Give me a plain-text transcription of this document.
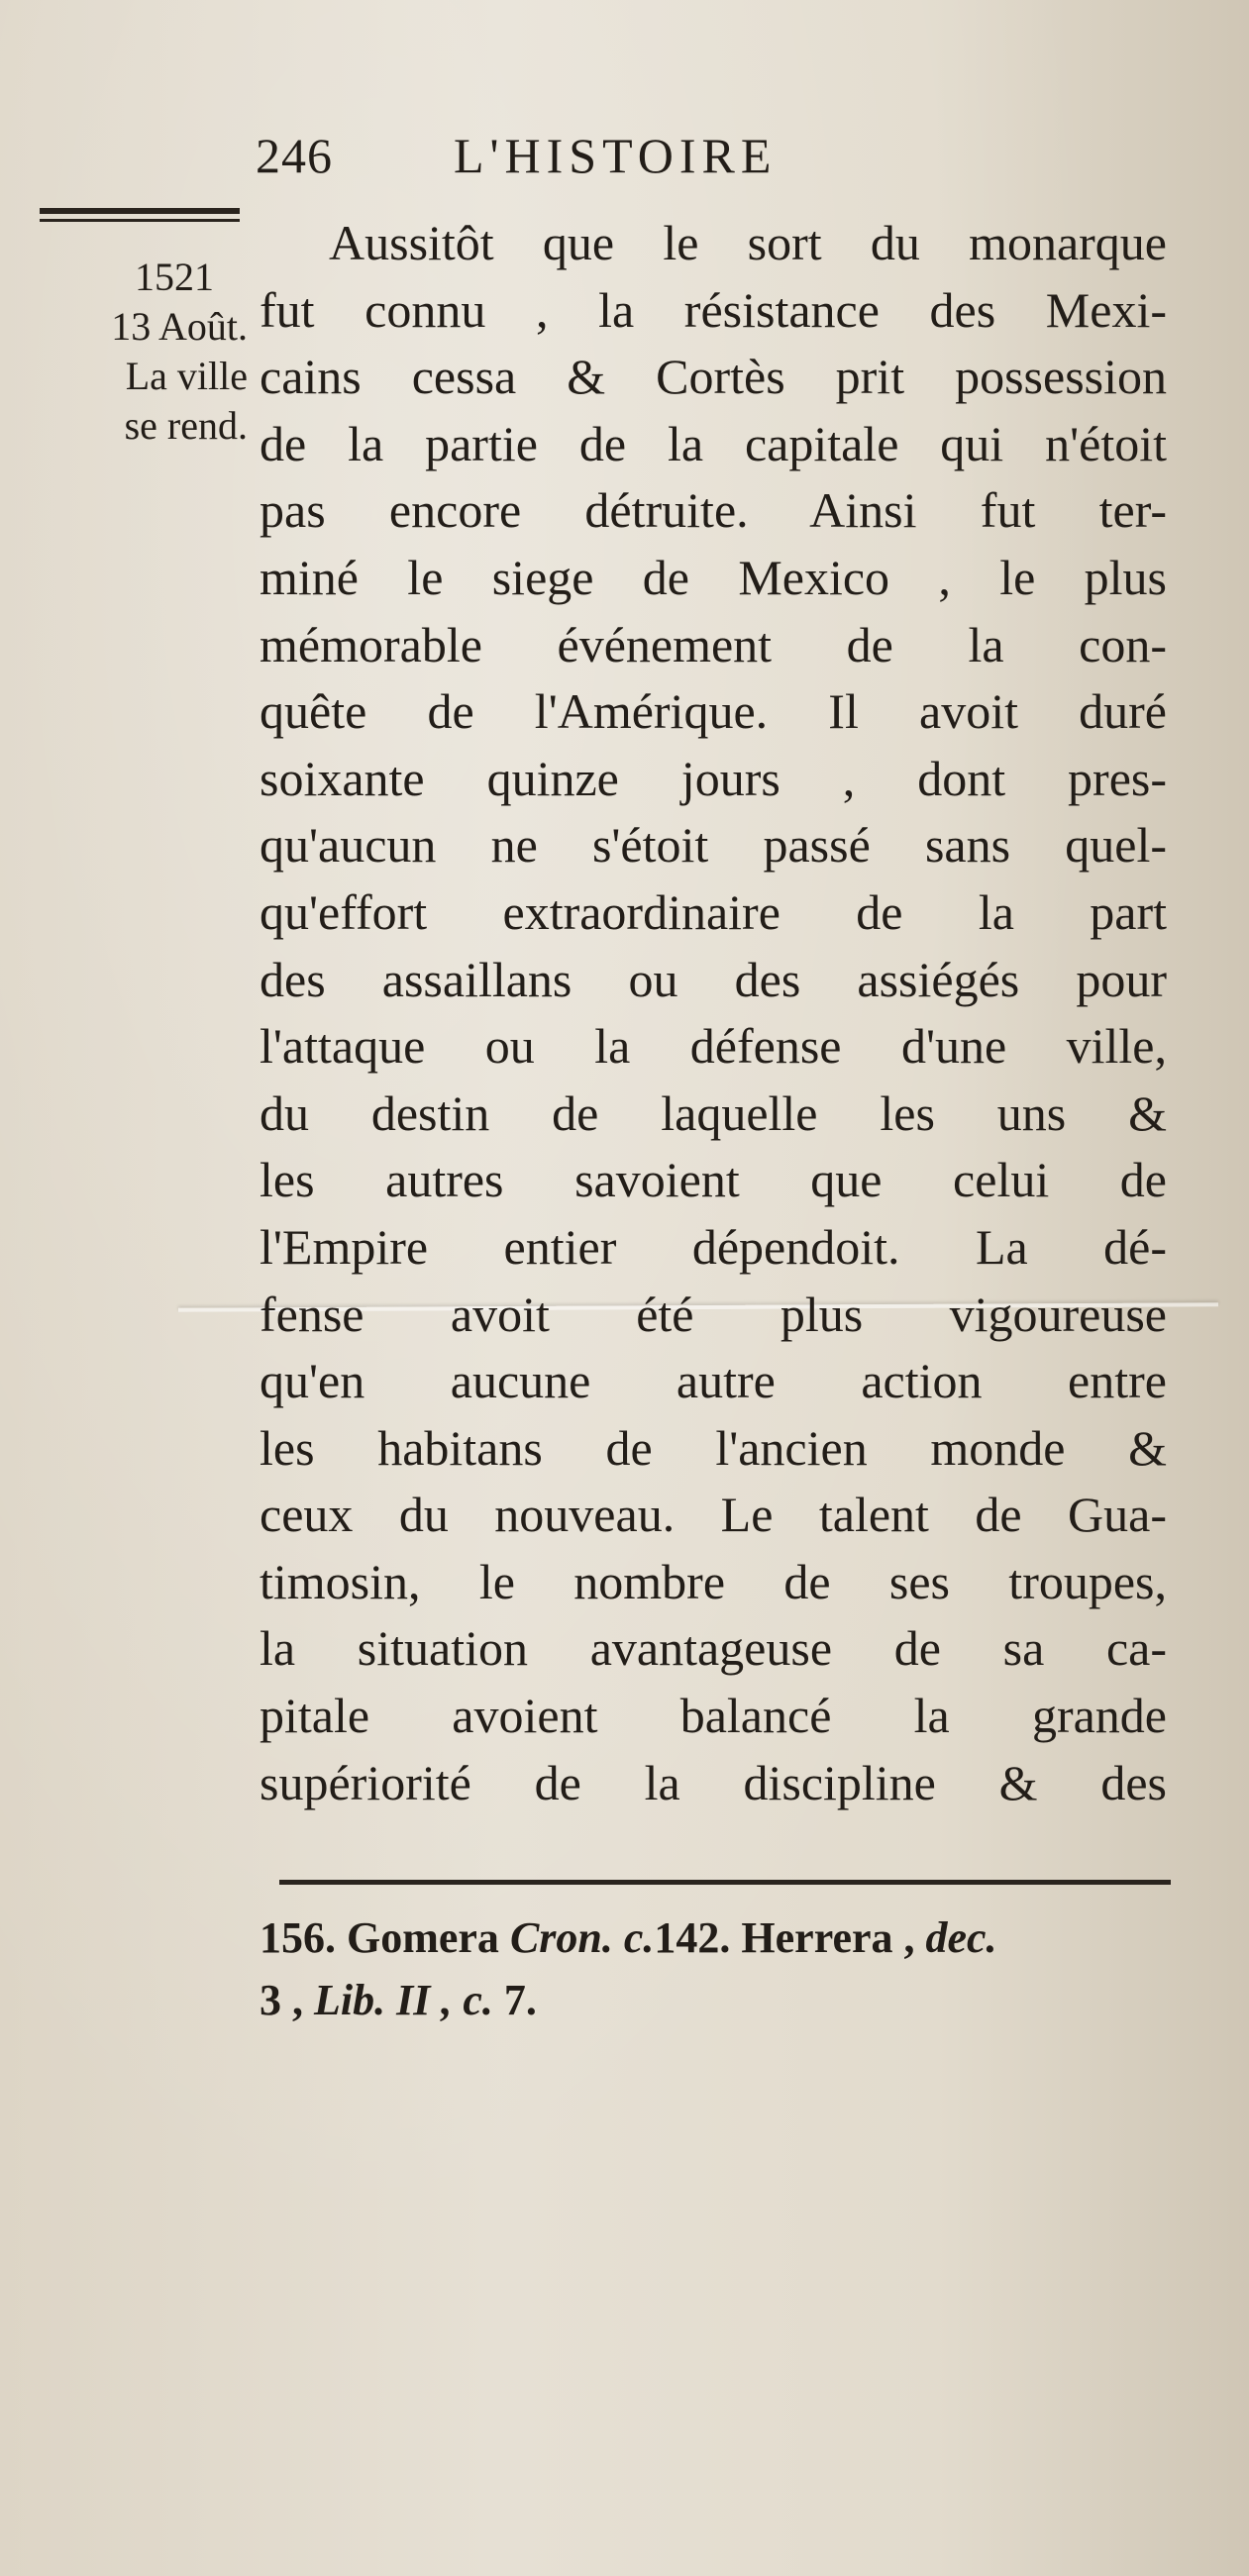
246 L'HISTOIRE
1521
13 Août.
La ville
se rend.
Aussitôt que le sort du monarque
fut connu , la résistance des Mexi-
cains cessa & Cortès prit possession
de la partie de la capitale qui n'étoit
pas encore détruite. Ainsi fut ter-
miné le siege de Mexico , le plus
mémorable événement de la con-
quête de l'Amérique. Il avoit duré
soixante quinze jours , dont pres-
qu'aucun ne s'étoit passé sans quel-
qu'effort extraordinaire de la part
des assaillans ou des assiégés pour
l'attaque ou la défense d'une ville,
du destin de laquelle les uns &
les autres savoient que celui de
l'Empire entier dépendoit. La dé-
fense avoit été plus vigoureuse
qu'en aucune autre action entre
les habitans de l'ancien monde &
ceux du nouveau. Le talent de Gua-
timosin, le nombre de ses troupes,
la situation avantageuse de sa ca-
pitale avoient balancé la grande
supériorité de la discipline & des
156. Gomera Cron. c.142. Herrera , dec.
3 , Lib. II , c. 7.
